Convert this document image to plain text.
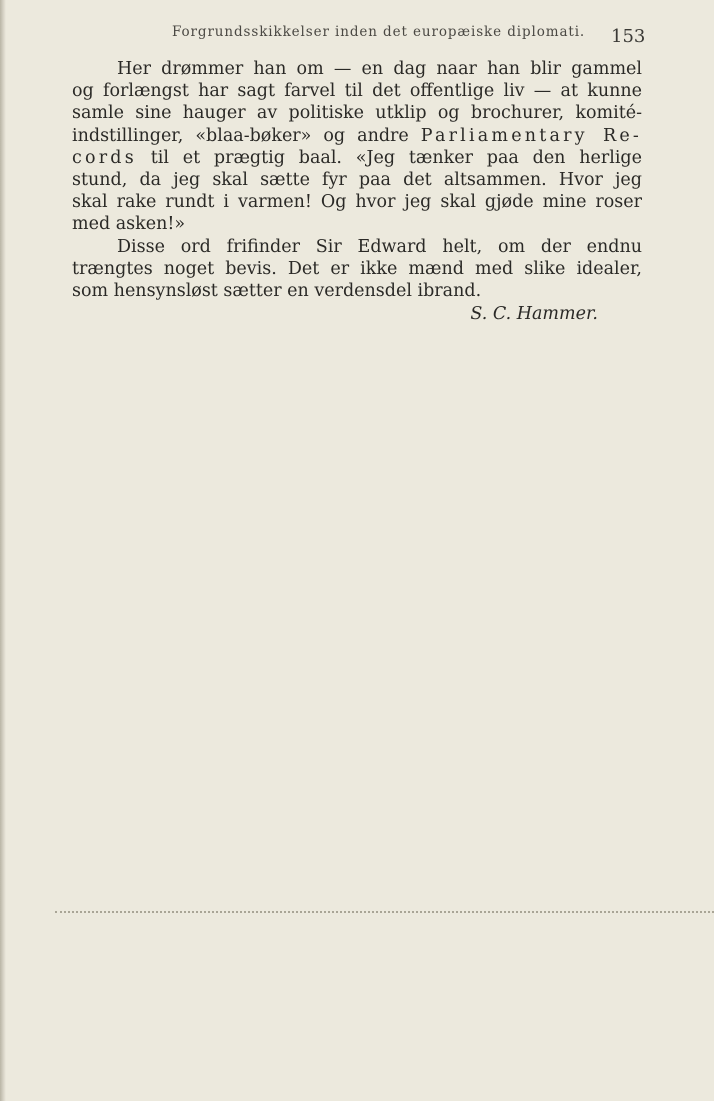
Forgrundsskikkelser inden det europæiske diplomati. 153
Her drømmer han om — en dag naar han blir gammel
og forlængst har sagt farvel til det offentlige liv — at kunne
samle sine hauger av politiske utklip og brochurer, komité-
indstillinger, «blaa-bøker» og andre Parliamentary Re-
cords til et prægtig baal. «Jeg tænker paa den herlige
stund, da jeg skal sætte fyr paa det altsammen. Hvor jeg
skal rake rundt i varmen! Og hvor jeg skal gjøde mine roser
med asken!»
Disse ord frifinder Sir Edward helt, om der endnu
trængtes noget bevis. Det er ikke mænd med slike idealer,
som hensynsløst sætter en verdensdel ibrand.
S. C. Hammer.
